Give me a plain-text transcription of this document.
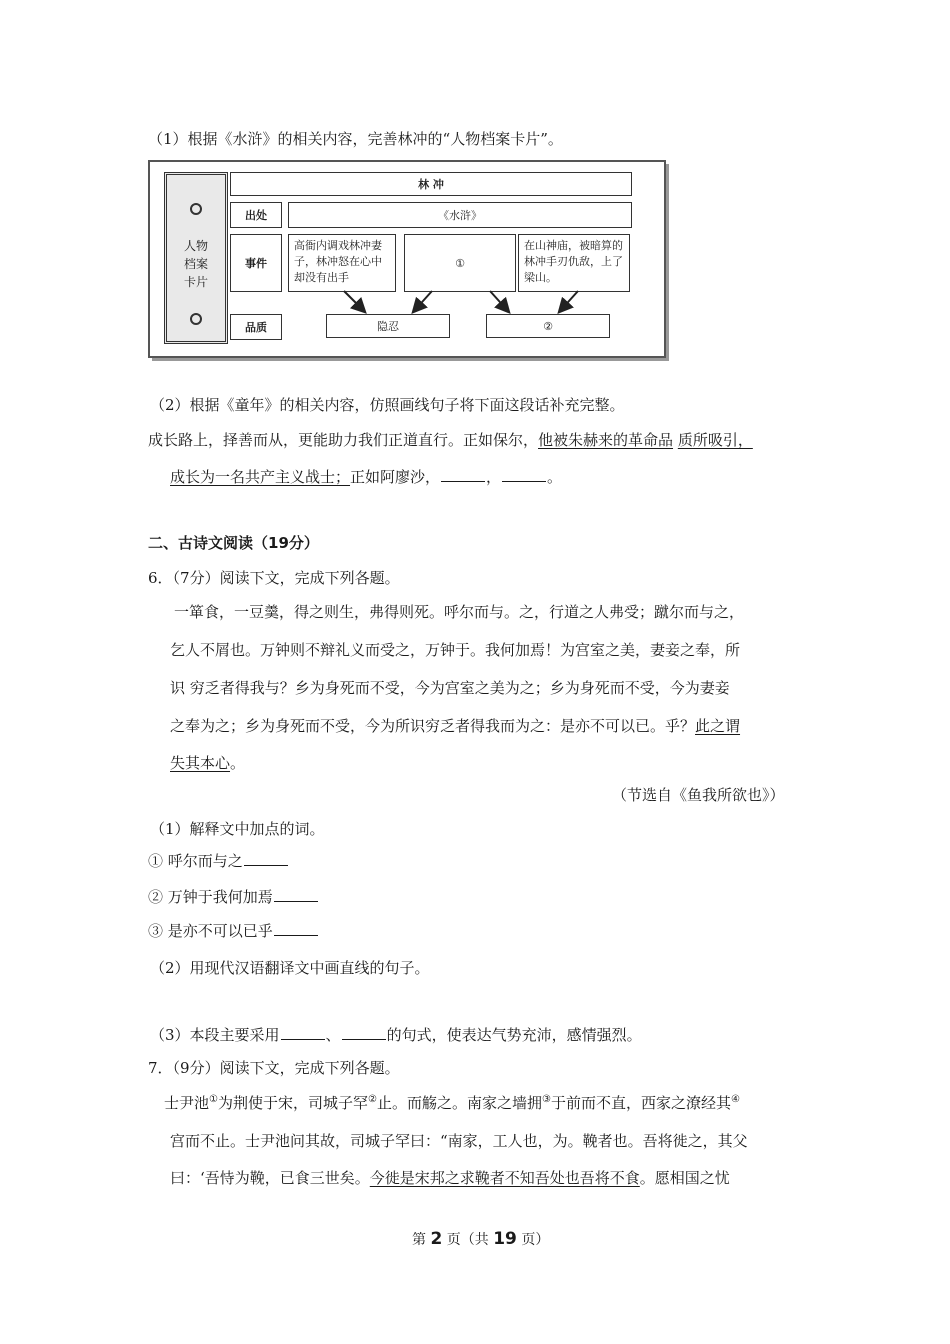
（1）根据《水浒》的相关内容，完善林冲的“人物档案卡片”。
人物
档案
卡片
林 冲
出处	《水浒》
事件
高衙内调戏林冲妻子，林冲怒在心中却没有出手
①
在山神庙，被暗算的林冲手刃仇敌，上了梁山。
品质	隐忍	②
（2）根据《童年》的相关内容，仿照画线句子将下面这段话补充完整。
成长路上，择善而从，更能助力我们正道直行。正如保尔，他被朱赫来的革命品 质所吸引，
成长为一名共产主义战士；正如阿廖沙，	，	。
二、古诗文阅读（19分）
6．（7分）阅读下文，完成下列各题。
一箪食，一豆羹，得之则生，弗得则死。呼尔而与。之，行道之人弗受；蹴尔而与之，
乞人不屑也。万钟则不辩礼义而受之，万钟于。我何加焉！为宫室之美，妻妾之奉，所
识 穷乏者得我与？乡为身死而不受，今为宫室之美为之；乡为身死而不受，今为妻妾
之奉为之；乡为身死而不受，今为所识穷乏者得我而为之：是亦不可以已。乎？此之谓
失其本心。
（节选自《鱼我所欲也》）
（1）解释文中加点的词。
① 呼尔而与之
② 万钟于我何加焉
③ 是亦不可以已乎
（2）用现代汉语翻译文中画直线的句子。
（3）本段主要采用	、	的句式，使表达气势充沛，感情强烈。
7．（9分）阅读下文，完成下列各题。
士尹池①为荆使于宋，司城子罕②止。而觞之。南家之墙拥③于前而不直，西家之潦经其④
宫而不止。士尹池问其故，司城子罕曰：“南家，工人也，为。鞔者也。吾将徙之，其父
曰：‘吾恃为鞔，已食三世矣。今徙是宋邦之求鞔者不知吾处也吾将不食。愿相国之忧
第 2 页（共 19 页）
